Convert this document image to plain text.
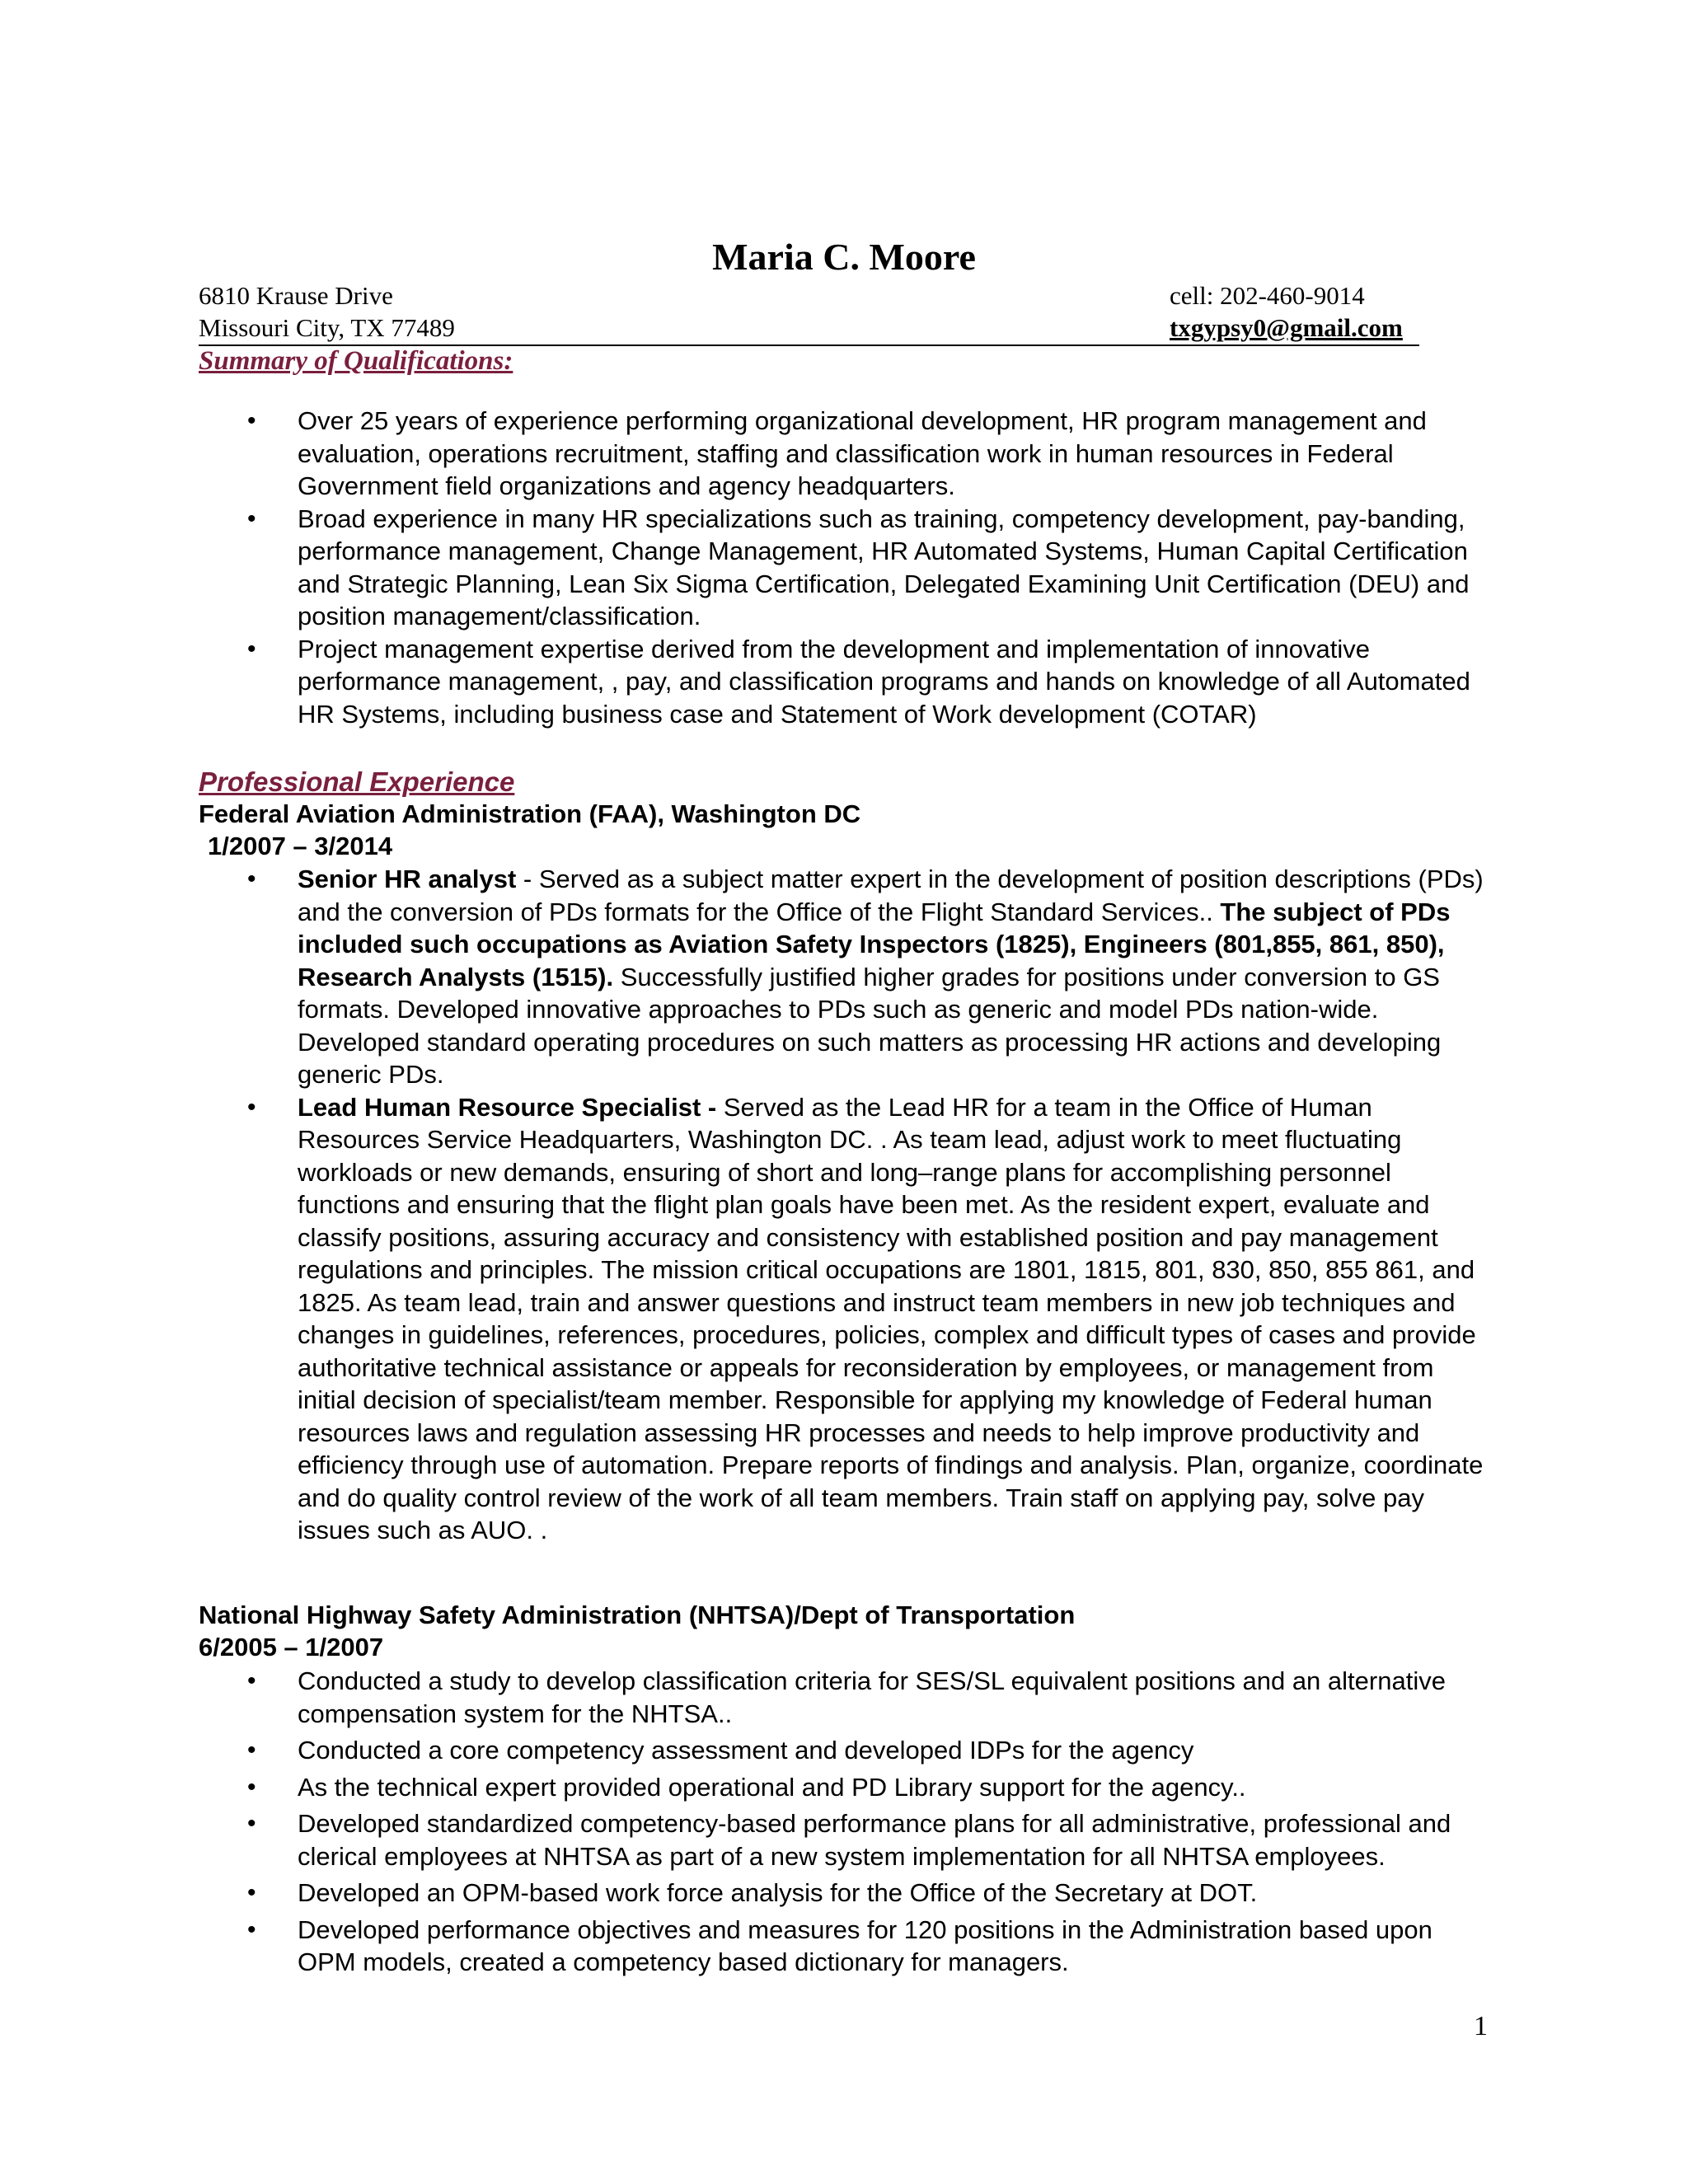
Maria C. Moore
6810 Krause Drive	cell: 202-460-9014
Missouri City, TX 77489	txgypsy0@gmail.com
Summary of Qualifications:
• Over 25 years of experience performing organizational development, HR program management and evaluation, operations recruitment, staffing and classification work in human resources in Federal Government field organizations and agency headquarters.
• Broad experience in many HR specializations such as training, competency development, pay-banding, performance management, Change Management, HR Automated Systems, Human Capital Certification and Strategic Planning, Lean Six Sigma Certification, Delegated Examining Unit Certification (DEU) and position management/classification.
• Project management expertise derived from the development and implementation of innovative performance management, , pay, and classification programs and hands on knowledge of all Automated HR Systems, including business case and Statement of Work development (COTAR)
Professional Experience
Federal Aviation Administration (FAA), Washington DC
1/2007 – 3/2014
• Senior HR analyst - Served as a subject matter expert in the development of position descriptions (PDs) and the conversion of PDs formats for the Office of the Flight Standard Services.. The subject of PDs included such occupations as Aviation Safety Inspectors (1825), Engineers (801,855, 861, 850), Research Analysts (1515). Successfully justified higher grades for positions under conversion to GS formats. Developed innovative approaches to PDs such as generic and model PDs nation-wide. Developed standard operating procedures on such matters as processing HR actions and developing generic PDs.
• Lead Human Resource Specialist - Served as the Lead HR for a team in the Office of Human Resources Service Headquarters, Washington DC. . As team lead, adjust work to meet fluctuating workloads or new demands, ensuring of short and long–range plans for accomplishing personnel functions and ensuring that the flight plan goals have been met. As the resident expert, evaluate and classify positions, assuring accuracy and consistency with established position and pay management regulations and principles. The mission critical occupations are 1801, 1815, 801, 830, 850, 855 861, and 1825. As team lead, train and answer questions and instruct team members in new job techniques and changes in guidelines, references, procedures, policies, complex and difficult types of cases and provide authoritative technical assistance or appeals for reconsideration by employees, or management from initial decision of specialist/team member. Responsible for applying my knowledge of Federal human resources laws and regulation assessing HR processes and needs to help improve productivity and efficiency through use of automation. Prepare reports of findings and analysis. Plan, organize, coordinate and do quality control review of the work of all team members. Train staff on applying pay, solve pay issues such as AUO. .
National Highway Safety Administration (NHTSA)/Dept of Transportation
6/2005 – 1/2007
• Conducted a study to develop classification criteria for SES/SL equivalent positions and an alternative compensation system for the NHTSA..
• Conducted a core competency assessment and developed IDPs for the agency
• As the technical expert provided operational and PD Library support for the agency..
• Developed standardized competency-based performance plans for all administrative, professional and clerical employees at NHTSA as part of a new system implementation for all NHTSA employees.
• Developed an OPM-based work force analysis for the Office of the Secretary at DOT.
• Developed performance objectives and measures for 120 positions in the Administration based upon OPM models, created a competency based dictionary for managers.
1
